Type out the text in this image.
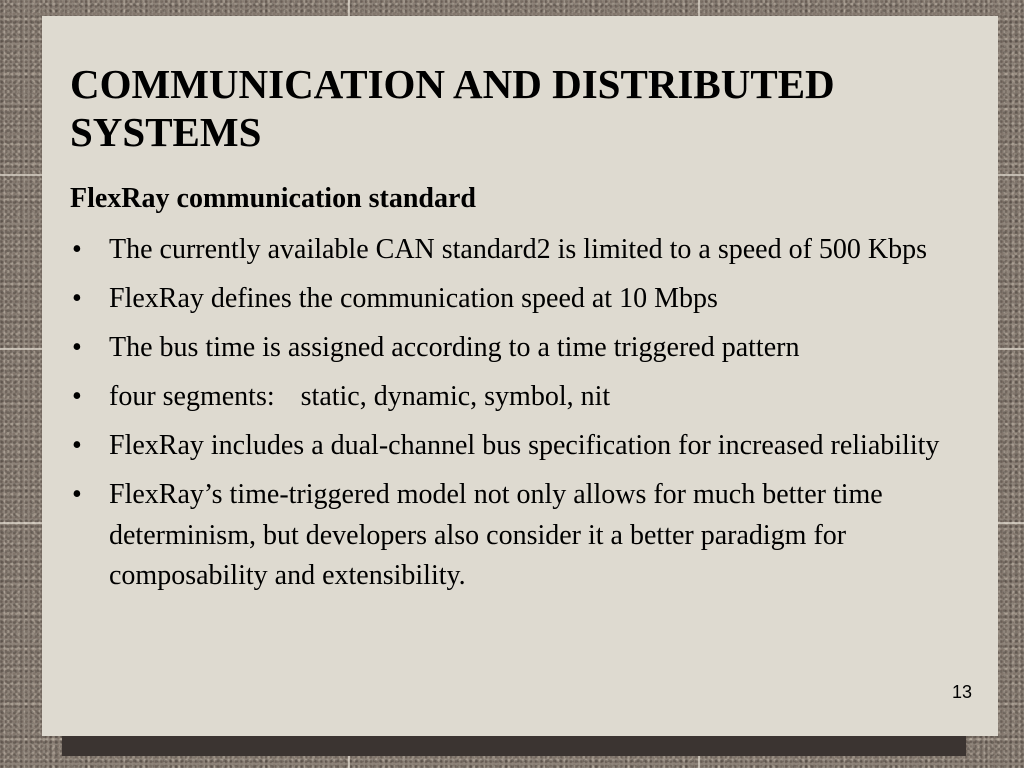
COMMUNICATION AND DISTRIBUTED SYSTEMS
FlexRay communication standard
• The currently available CAN standard2 is limited to a speed of 500 Kbps
• FlexRay defines the communication speed at 10 Mbps
• The bus time is assigned according to a time triggered pattern
• four segments: static, dynamic, symbol, nit
• FlexRay includes a dual-channel bus specification for increased reliability
• FlexRay’s time-triggered model not only allows for much better time determinism, but developers also consider it a better paradigm for composability and extensibility.
13
